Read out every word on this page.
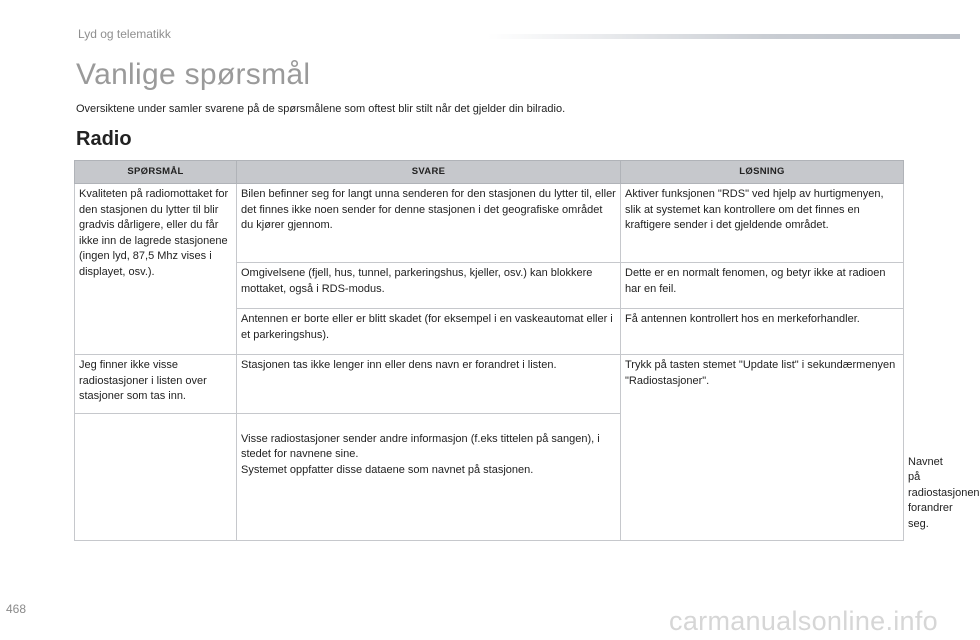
Lyd og telematikk
Vanlige spørsmål
Oversiktene under samler svarene på de spørsmålene som oftest blir stilt når det gjelder din bilradio.
Radio
SPØRSMÅL	SVARE	LØSNING	
Kvaliteten på radiomottaket for den stasjonen du lytter til blir gradvis dårligere, eller du får ikke inn de lagrede stasjonene (ingen lyd, 87,5 Mhz vises i displayet, osv.).	Bilen befinner seg for langt unna senderen for den stasjonen du lytter til, eller det finnes ikke noen sender for denne stasjonen i det geografiske området du kjører gjennom.	Aktiver funksjonen "RDS" ved hjelp av hurtigmenyen, slik at systemet kan kontrollere om det finnes en kraftigere sender i det gjeldende området.	
	Omgivelsene (fjell, hus, tunnel, parkeringshus, kjeller, osv.) kan blokkere mottaket, også i RDS-modus.	Dette er en normalt fenomen, og betyr ikke at radioen har en feil.	
	Antennen er borte eller er blitt skadet (for eksempel i en vaskeautomat eller i et parkeringshus).	Få antennen kontrollert hos en merkeforhandler.	
Jeg finner ikke visse radiostasjoner i listen over stasjoner som tas inn.	Stasjonen tas ikke lenger inn eller dens navn er forandret i listen.	Trykk på tasten stemet "Update list" i sekundærmenyen "Radiostasjoner".	

	Visse radiostasjoner sender andre informasjon (f.eks tittelen på sangen), i stedet for navnene sine.
Systemet oppfatter disse dataene som navnet på stasjonen.		

			Navnet på radiostasjonen forandrer seg.
468	carmanualsonline.info
